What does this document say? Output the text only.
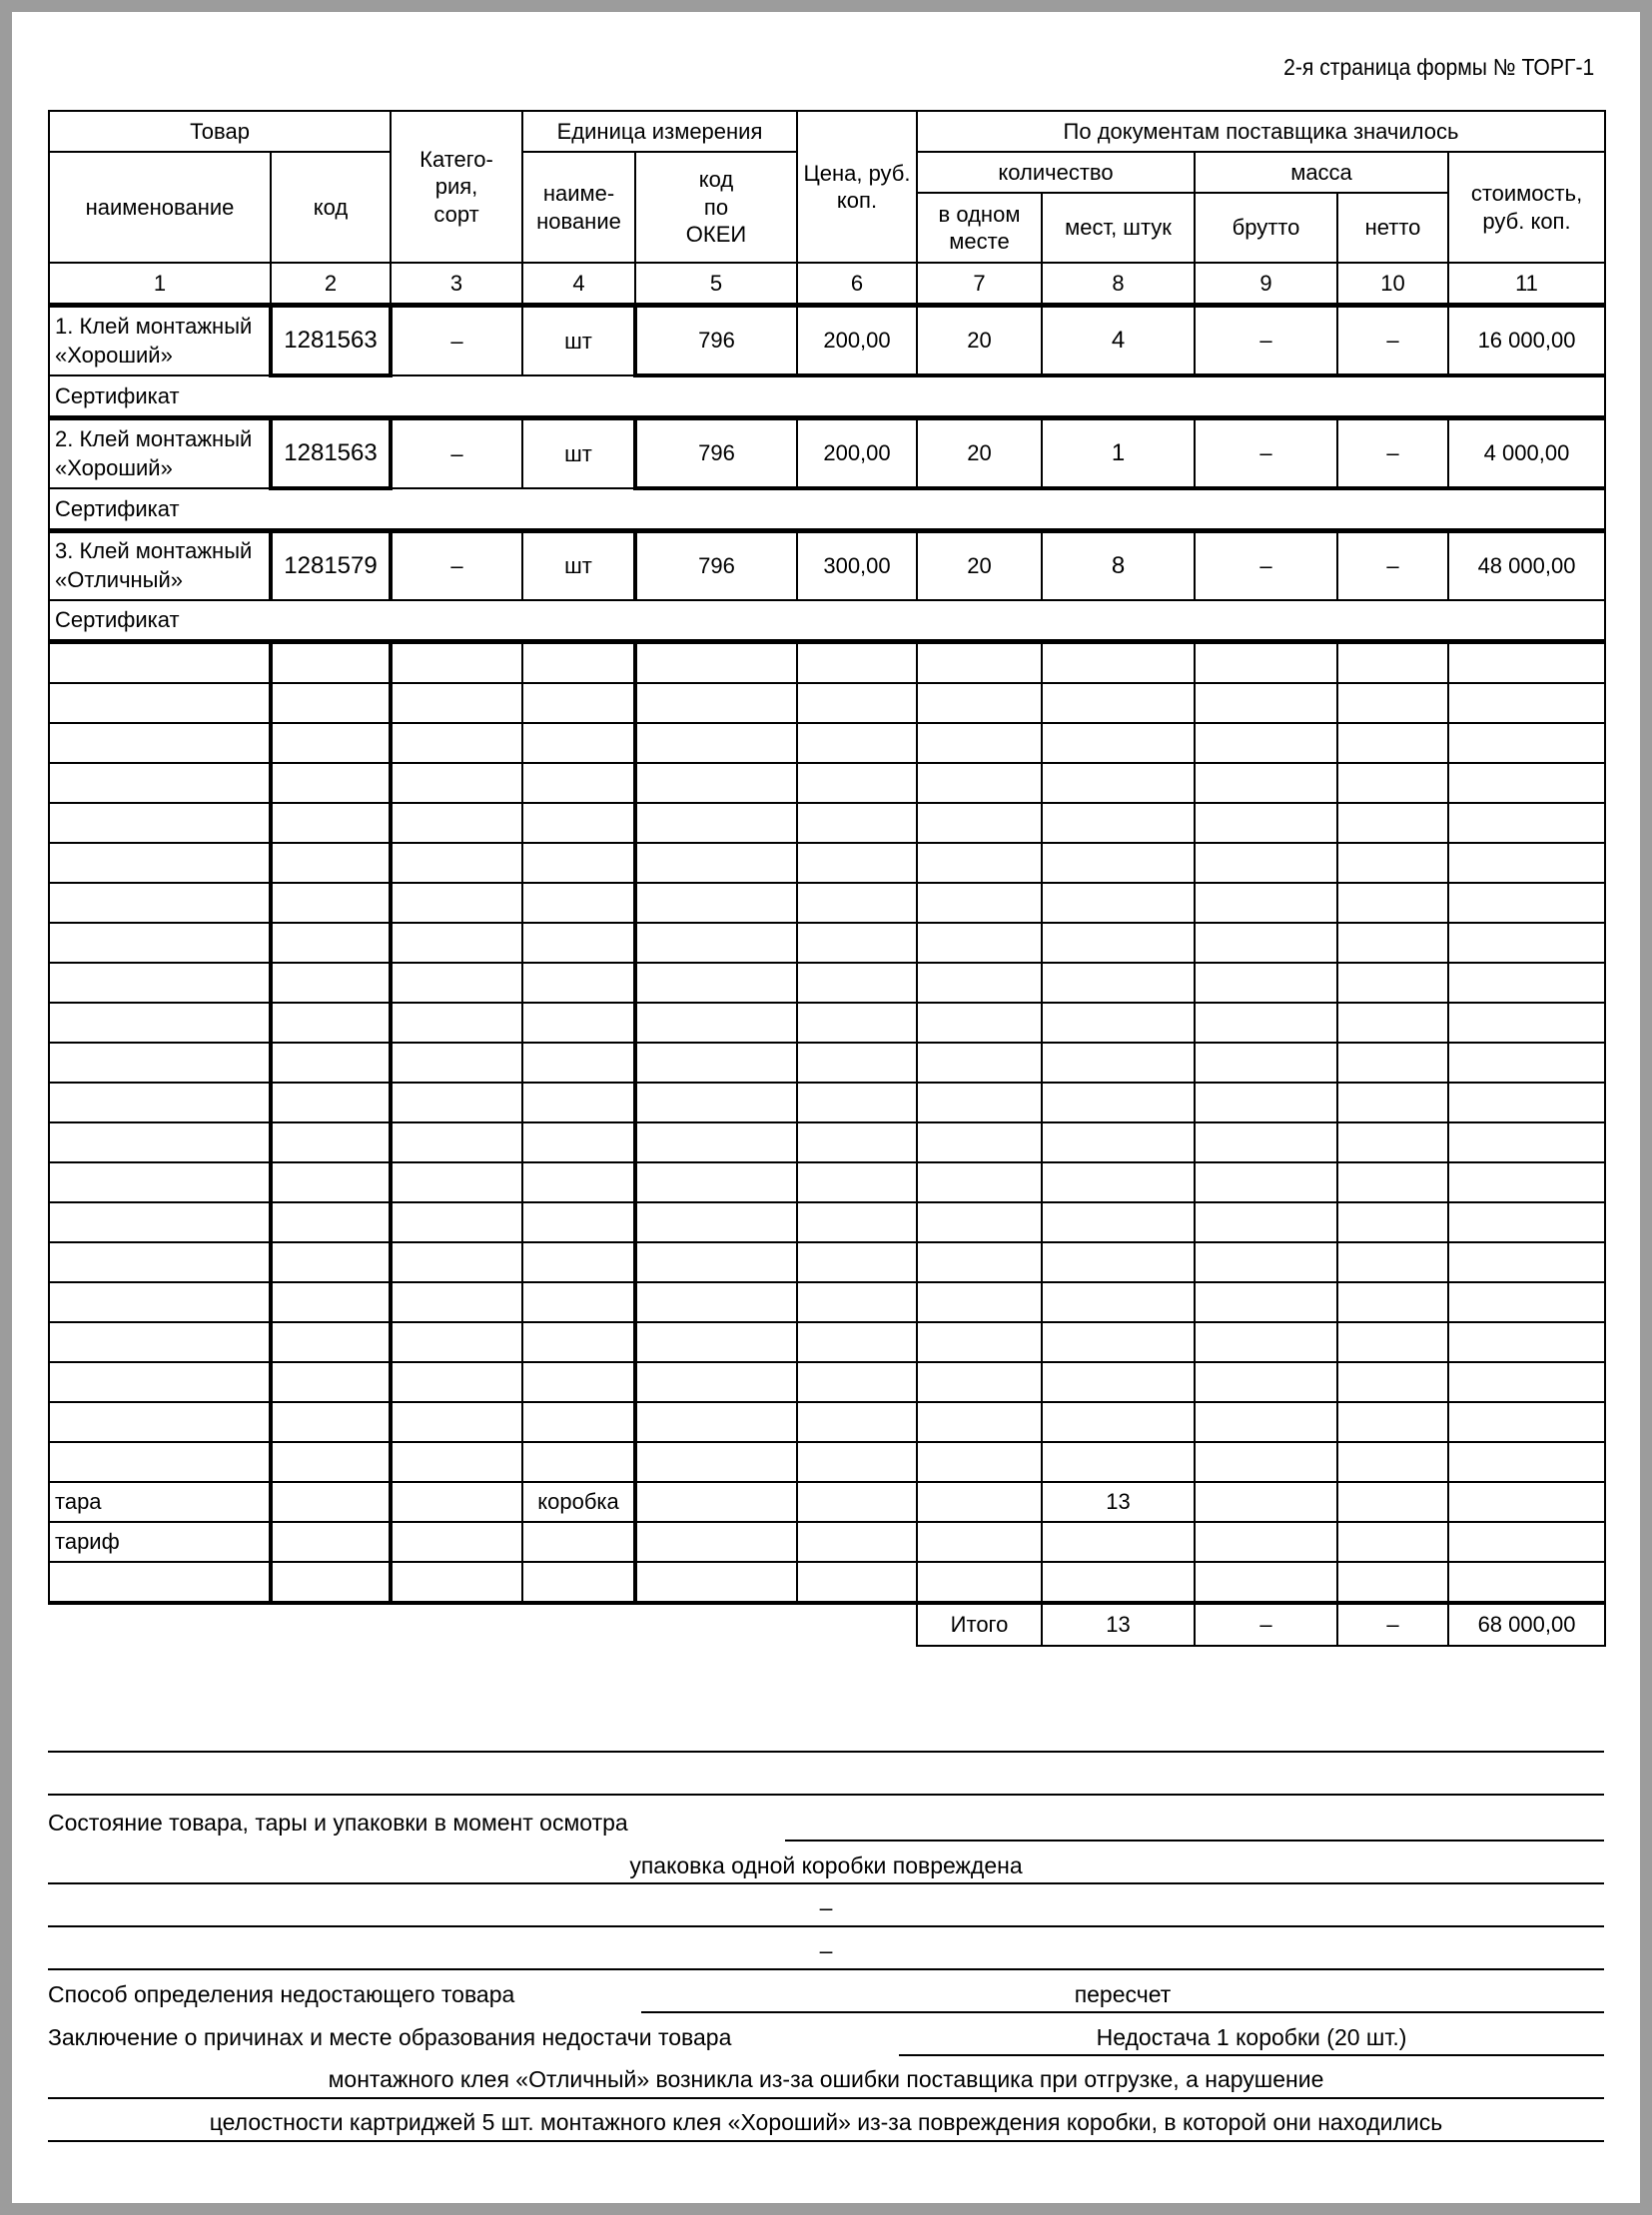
2-я страница формы № ТОРГ-1
Товар		Катего-рия, сорт	Единица измерения		Цена, руб. коп.	По документам поставщика значилось				
наименование	код		наиме-нование	код по ОКЕИ		количество		масса		стоимость, руб. коп.
						в одном месте	мест, штук	брутто	нетто	
1	2	3	4	5	6	7	8	9	10	11
1. Клей монтажный «Хороший»	1281563	–	шт	796	200,00	20	4	–	–	16 000,00
Сертификат										
2. Клей монтажный «Хороший»	1281563	–	шт	796	200,00	20	1	–	–	4 000,00
Сертификат										
3. Клей монтажный «Отличный»	1281579	–	шт	796	300,00	20	8	–	–	48 000,00
Сертификат										

тара			коробка				13			
тариф										

						Итого	13	–	–	68 000,00
Состояние товара, тары и упаковки в момент осмотра
упаковка одной коробки повреждена
–
–
Способ определения недостающего товара	пересчет
Заключение о причинах и месте образования недостачи товара	Недостача 1 коробки (20 шт.)
монтажного клея «Отличный» возникла из-за ошибки поставщика при отгрузке, а нарушение
целостности картриджей 5 шт. монтажного клея «Хороший» из-за повреждения коробки, в которой они находились
